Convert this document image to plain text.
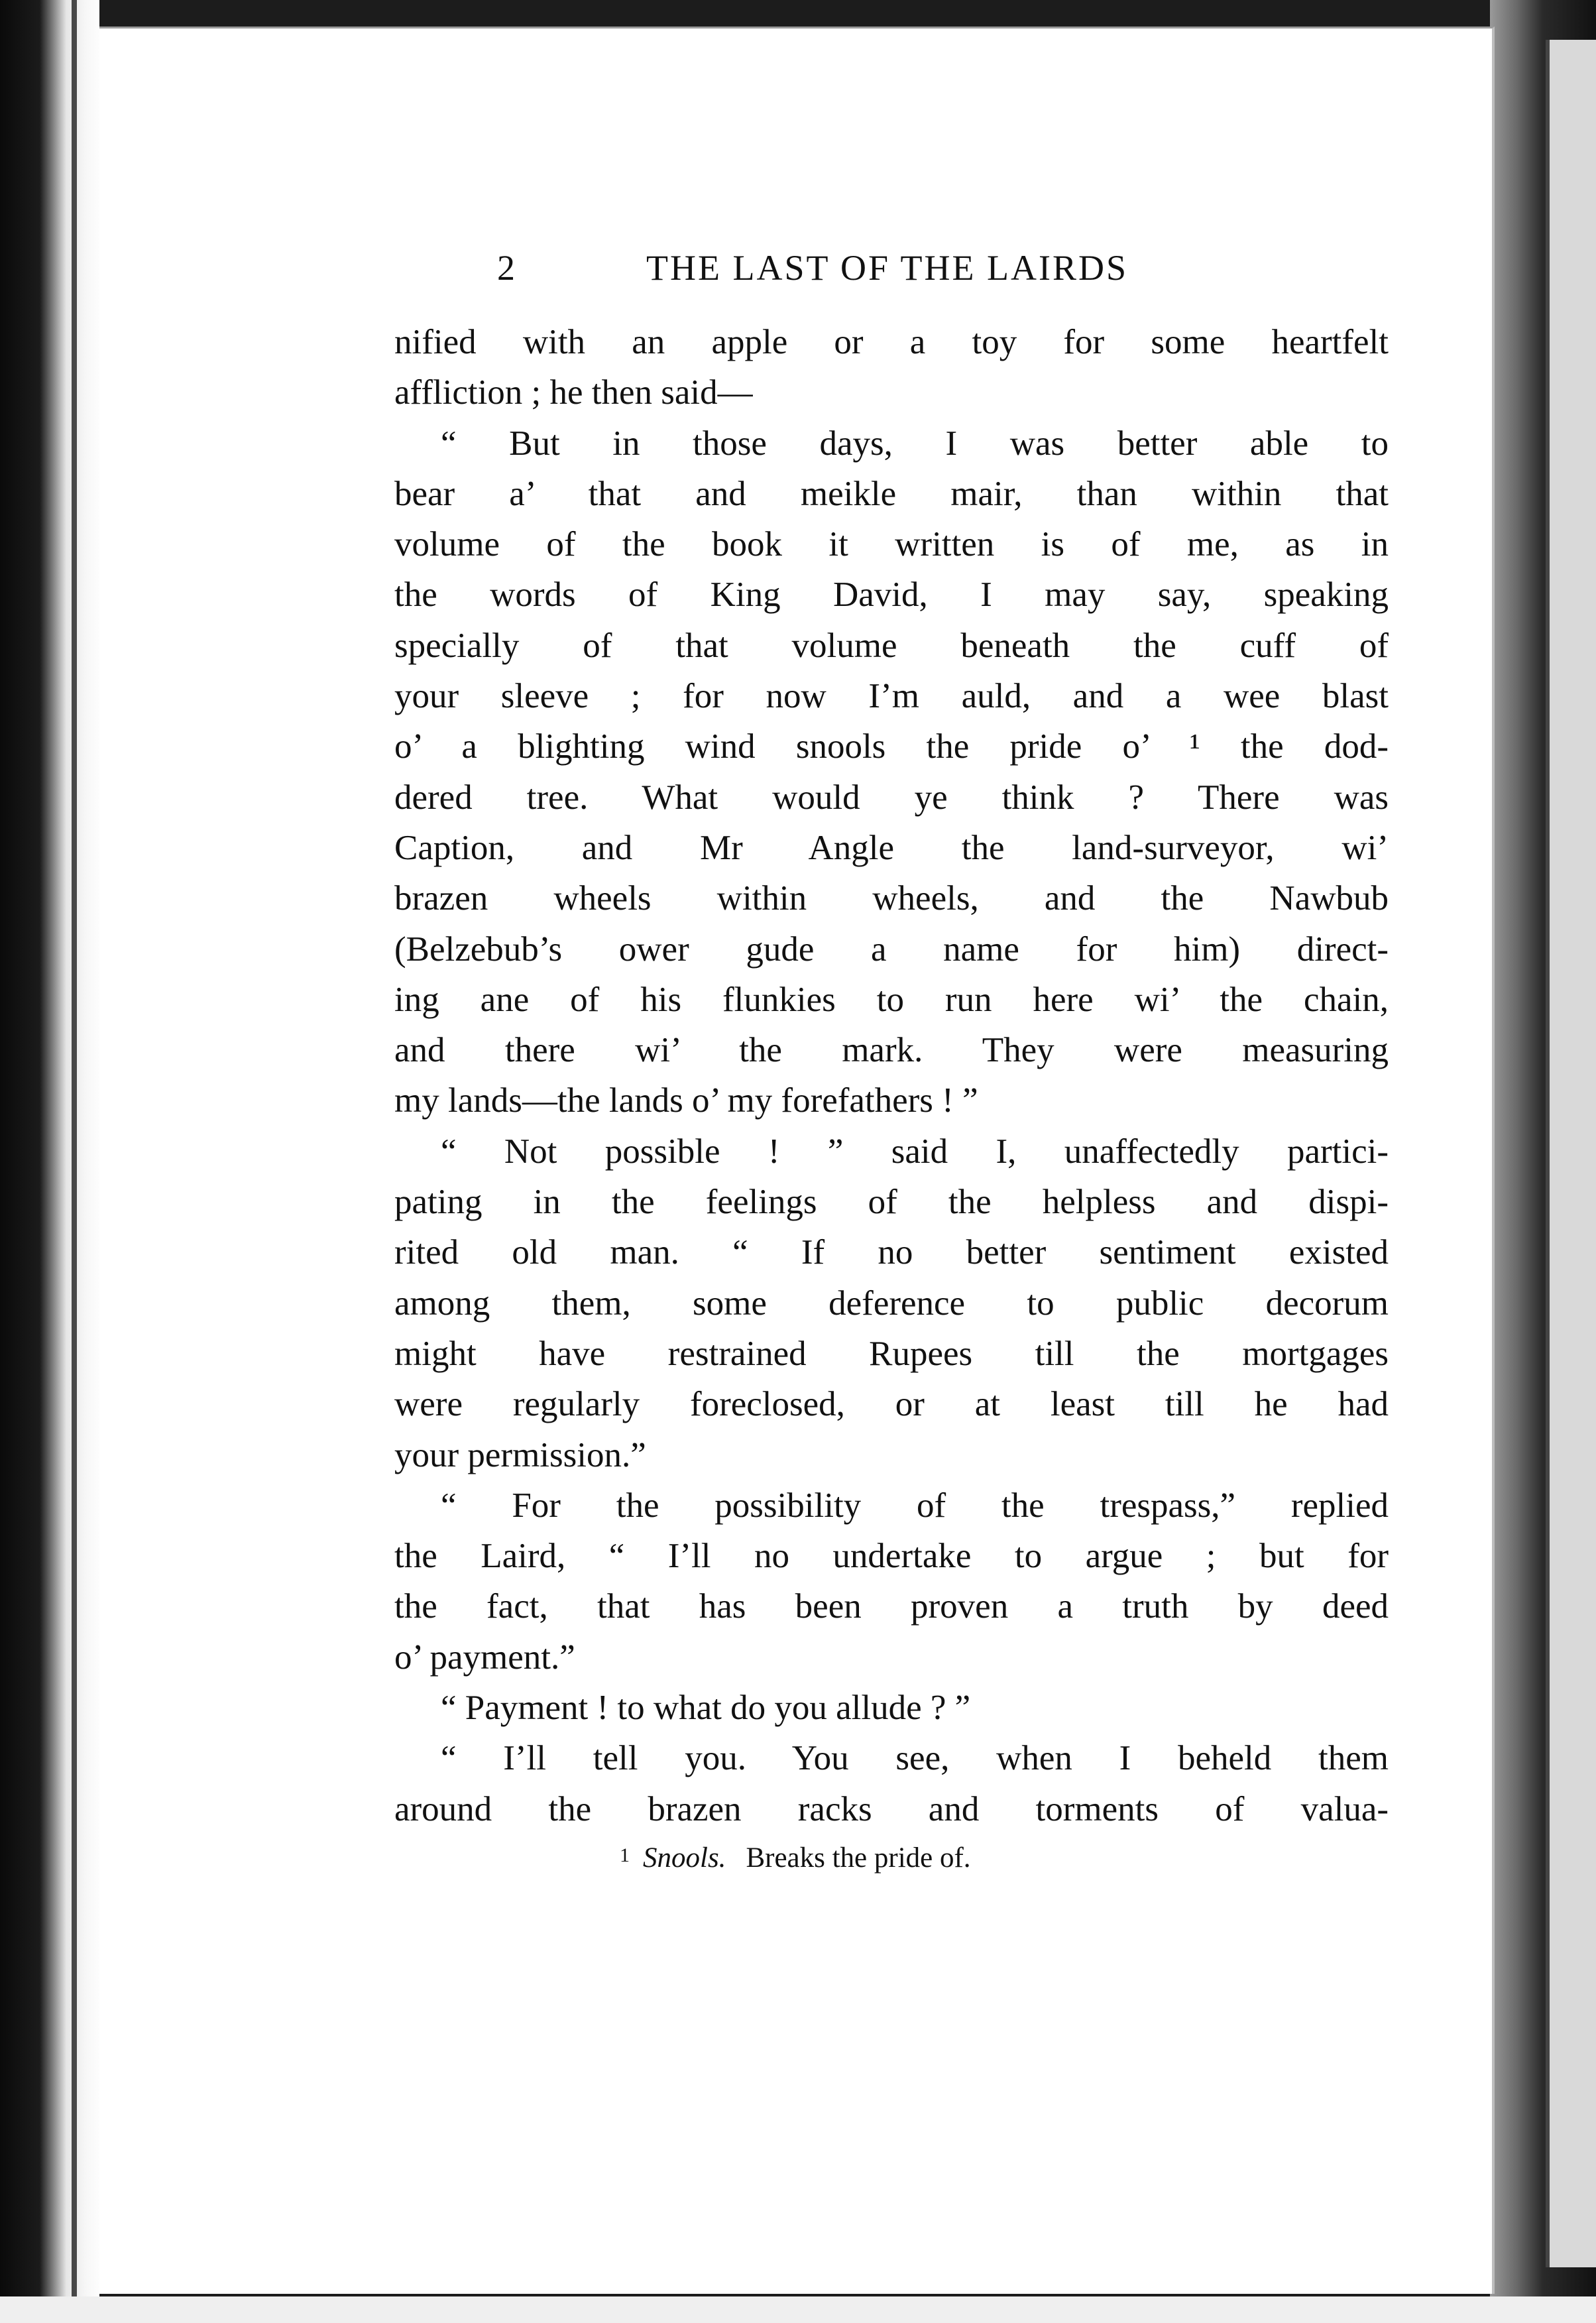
2	THE LAST OF THE LAIRDS
nified with an apple or a toy for some heartfelt
affliction ; he then said—
“ But in those days, I was better able to
bear a’ that and meikle mair, than within that
volume of the book it written is of me, as in
the words of King David, I may say, speaking
specially of that volume beneath the cuff of
your sleeve ; for now I’m auld, and a wee blast
o’ a blighting wind snools the pride o’ ¹ the dod-
dered tree. What would ye think ? There was
Caption, and Mr Angle the land-surveyor, wi’
brazen wheels within wheels, and the Nawbub
(Belzebub’s ower gude a name for him) direct-
ing ane of his flunkies to run here wi’ the chain,
and there wi’ the mark. They were measuring
my lands—the lands o’ my forefathers ! ”
“ Not possible ! ” said I, unaffectedly partici-
pating in the feelings of the helpless and dispi-
rited old man. “ If no better sentiment existed
among them, some deference to public decorum
might have restrained Rupees till the mortgages
were regularly foreclosed, or at least till he had
your permission.”
“ For the possibility of the trespass,” replied
the Laird, “ I’ll no undertake to argue ; but for
the fact, that has been proven a truth by deed
o’ payment.”
“ Payment ! to what do you allude ? ”
“ I’ll tell you. You see, when I beheld them
around the brazen racks and torments of valua-
$^1$ Snools. Breaks the pride of.
